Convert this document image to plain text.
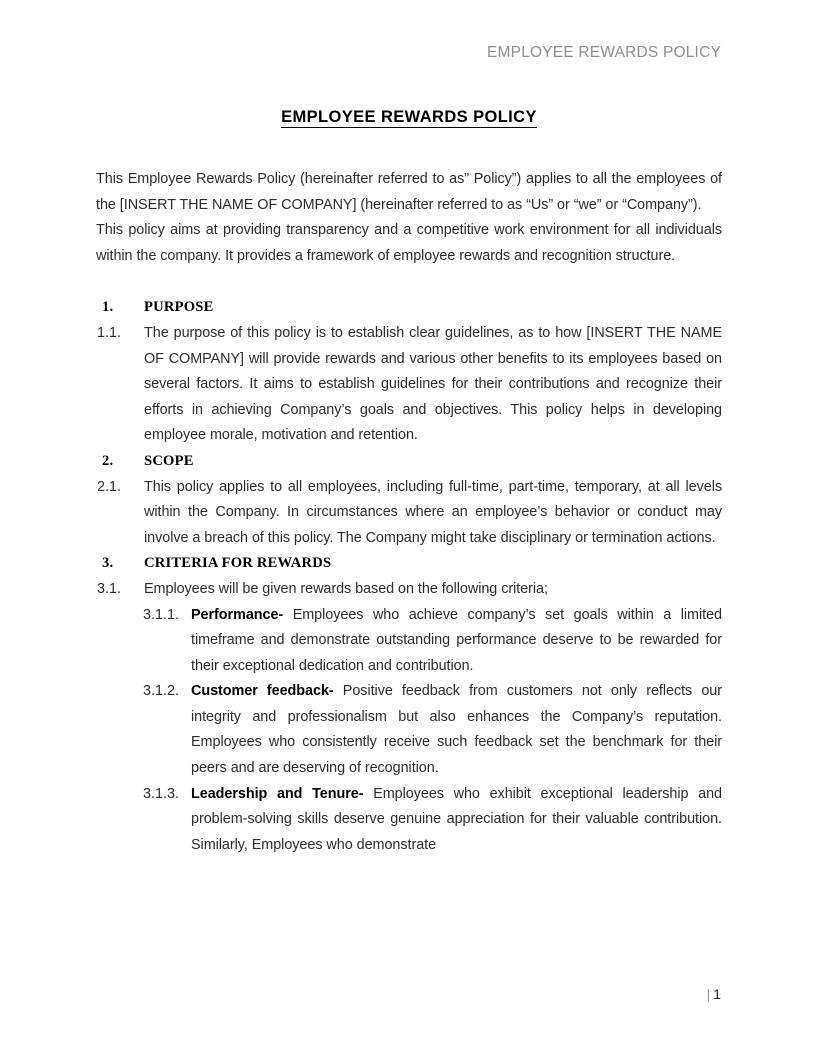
EMPLOYEE REWARDS POLICY
EMPLOYEE REWARDS POLICY

This Employee Rewards Policy (hereinafter referred to as” Policy”) applies to all the employees of the [INSERT THE NAME OF COMPANY] (hereinafter referred to as “Us” or “we” or “Company”).

This policy aims at providing transparency and a competitive work environment for all individuals within the company. It provides a framework of employee rewards and recognition structure.

1.	PURPOSE
1.1.	The purpose of this policy is to establish clear guidelines, as to how [INSERT THE NAME OF COMPANY] will provide rewards and various other benefits to its employees based on several factors. It aims to establish guidelines for their contributions and recognize their efforts in achieving Company’s goals and objectives. This policy helps in developing employee morale, motivation and retention.
2.	SCOPE
2.1.	This policy applies to all employees, including full-time, part-time, temporary, at all levels within the Company. In circumstances where an employee’s behavior or conduct may involve a breach of this policy. The Company might take disciplinary or termination actions.
3.	CRITERIA FOR REWARDS
3.1.	Employees will be given rewards based on the following criteria;
3.1.1. Performance- Employees who achieve company’s set goals within a limited timeframe and demonstrate outstanding performance deserve to be rewarded for their exceptional dedication and contribution.
3.1.2. Customer feedback- Positive feedback from customers not only reflects our integrity and professionalism but also enhances the Company’s reputation. Employees who consistently receive such feedback set the benchmark for their peers and are deserving of recognition.
3.1.3. Leadership and Tenure- Employees who exhibit exceptional leadership and problem-solving skills deserve genuine appreciation for their valuable contribution. Similarly, Employees who demonstrate
| 1
